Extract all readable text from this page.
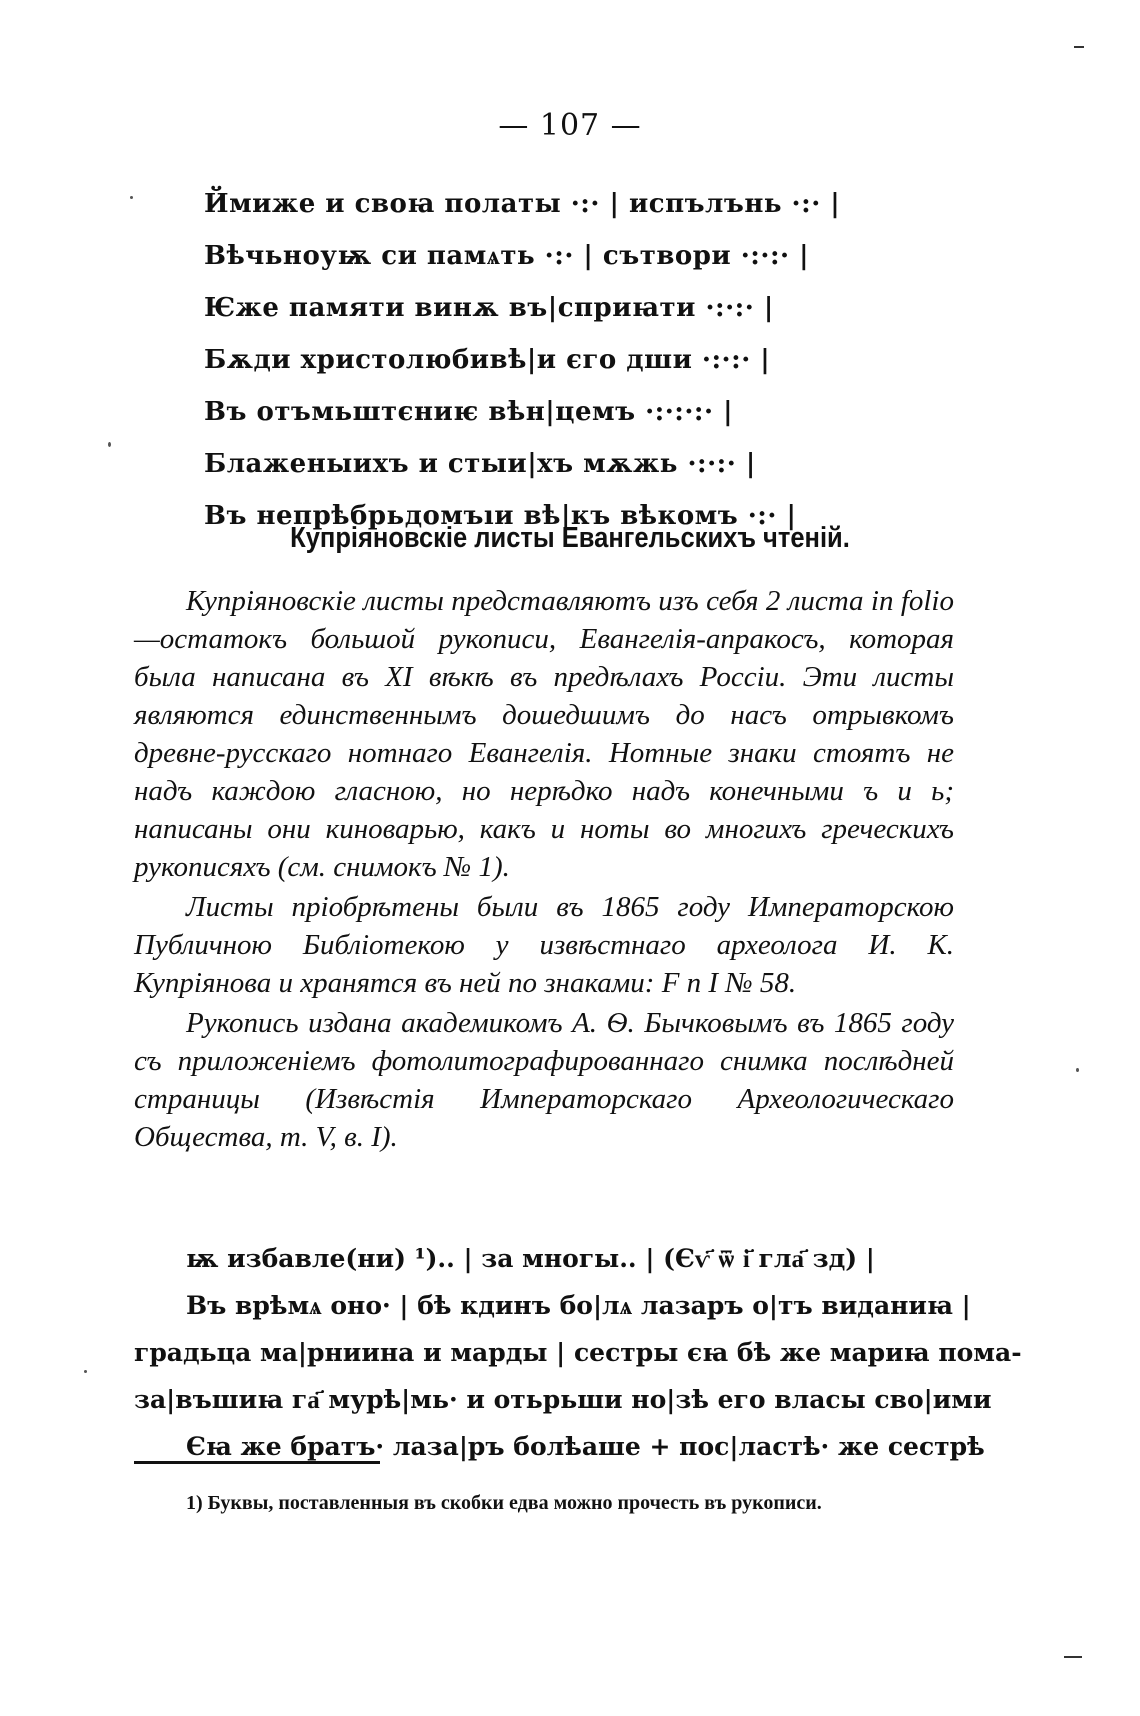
— 107 —
Ймиже и своꙗ полаты ·:· | испълънь ·:· |
Вѣчьноуѭ си памѧть ·:· | сътвори ·:·:· |
Ѥже памяти винѫ въ|сприꙗти ·:·:· |
Бѫди христолюбивѣ|и єго дши ·:·:· |
Въ отъмьштєниѥ вѣн|цемъ ·:·:·:· |
Блаженыихъ и стыи|хъ мѫжь ·:·:· |
Въ непрѣбрьдомъıи вѣ|къ вѣкомъ ·:· |
Купріяновскіе листы Евангельскихъ чтеній.

Купріяновскіе листы представляютъ изъ себя 2 листа in folio—остатокъ большой рукописи, Евангелія-апракосъ, которая была написана въ XI вѣкѣ въ предѣлахъ Россіи. Эти листы являются единственнымъ дошедшимъ до насъ отрывкомъ древне-русскаго нотнаго Евангелія. Нотные знаки стоятъ не надъ каждою гласною, но нерѣдко надъ конечными ъ и ь; написаны они киноварью, какъ и ноты во многихъ греческихъ рукописяхъ (см. снимокъ № 1).

Листы пріобрѣтены были въ 1865 году Императорскою Публичною Библіотекою у извѣстнаго археолога И. К. Купріянова и хранятся въ ней по знаками: F п I № 58.

Рукопись издана академикомъ А. Ѳ. Бычковымъ въ 1865 году съ приложеніемъ фотолитографированнаго снимка послѣдней страницы (Извѣстія Императорскаго Археологическаго Общества, т. V, в. I).

ѭ избавле(ни) ¹).. | за многы.. | (Єѵ҃ ѿ і҃ гла҃ зд) |
Въ врѣмѧ оно· | бѣ кдинъ бо|лѧ лазаръ о|тъ виданиꙗ |
градьца ма|рниина и марды | сестры єꙗ бѣ же мариꙗ пома-
за|въшиꙗ га҃ мурѣ|мь· и отьрьши но|зѣ его власы сво|ими
Єꙗ же братъ· лаза|ръ болѣаше + пос|ластѣ· же сестрѣ
1) Буквы, поставленныя въ скобки едва можно прочесть въ рукописи.
